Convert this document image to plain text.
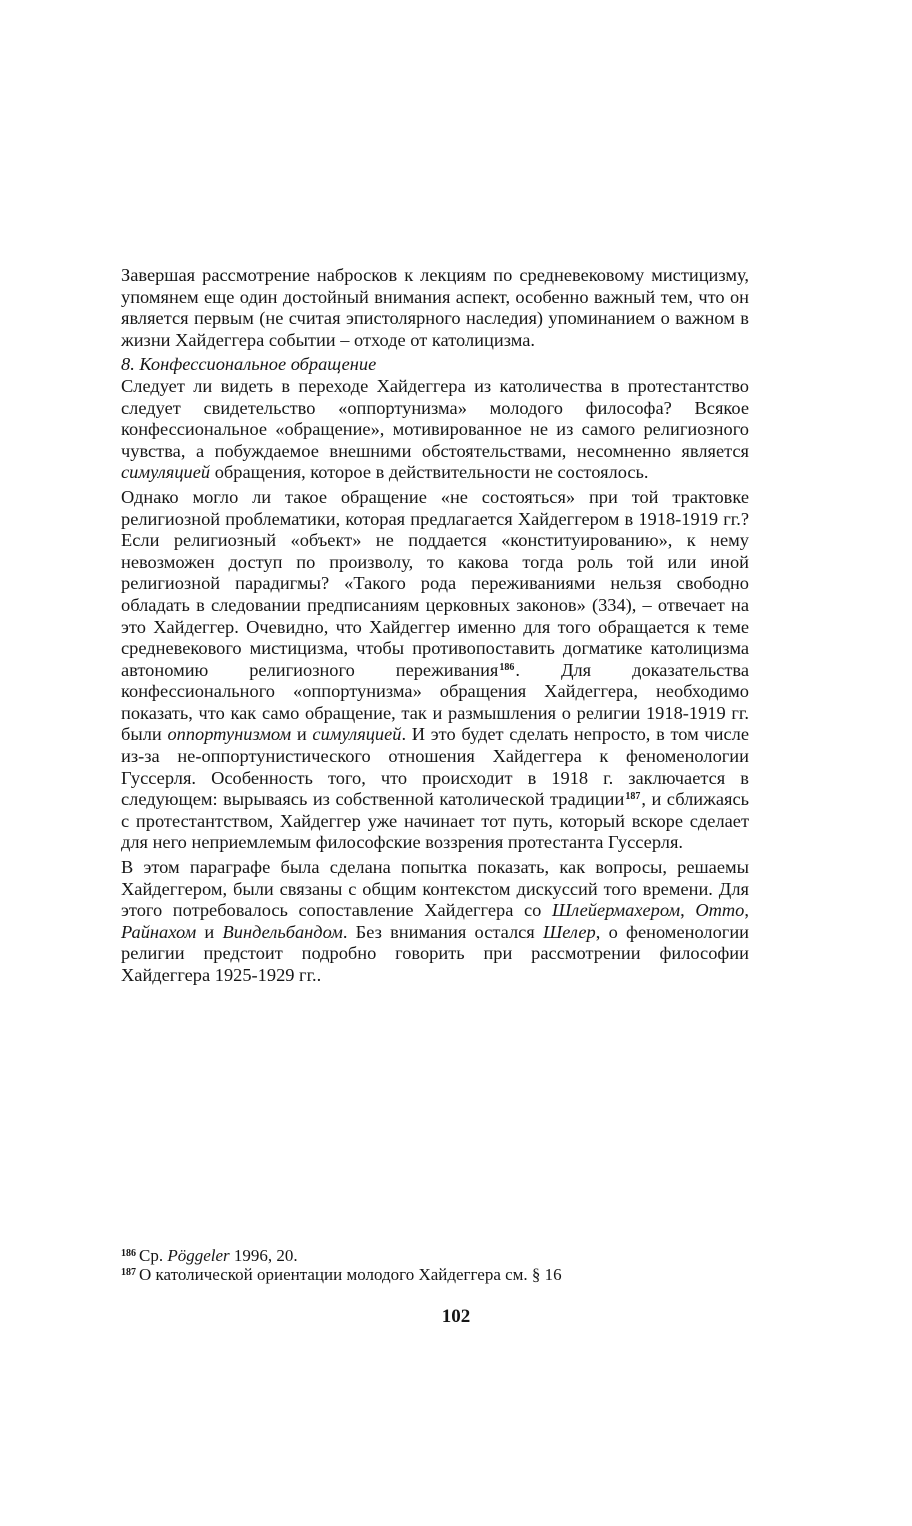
Завершая рассмотрение набросков к лекциям по средневековому мистицизму, упомянем еще один достойный внимания аспект, особенно важный тем, что он является первым (не считая эпистолярного наследия) упоминанием о важном в жизни Хайдеггера событии – отходе от католицизма.

8. Конфессиональное обращение

Следует ли видеть в переходе Хайдеггера из католичества в протестантство следует свидетельство «оппортунизма» молодого философа? Всякое конфессиональное «обращение», мотивированное не из самого религиозного чувства, а побуждаемое внешними обстоятельствами, несомненно является симуляцией обращения, которое в действительности не состоялось.

Однако могло ли такое обращение «не состояться» при той трактовке религиозной проблематики, которая предлагается Хайдеггером в 1918-1919 гг.? Если религиозный «объект» не поддается «конституированию», к нему невозможен доступ по произволу, то какова тогда роль той или иной религиозной парадигмы? «Такого рода переживаниями нельзя свободно обладать в следовании предписаниям церковных законов» (334), – отвечает на это Хайдеггер. Очевидно, что Хайдеггер именно для того обращается к теме средневекового мистицизма, чтобы противопоставить догматике католицизма автономию религиозного переживания$^{186}$. Для доказательства конфессионального «оппортунизма» обращения Хайдеггера, необходимо показать, что как само обращение, так и размышления о религии 1918-1919 гг. были оппортунизмом и симуляцией. И это будет сделать непросто, в том числе из-за не-оппортунистического отношения Хайдеггера к феноменологии Гуссерля. Особенность того, что происходит в 1918 г. заключается в следующем: вырываясь из собственной католической традиции$^{187}$, и сближаясь с протестантством, Хайдеггер уже начинает тот путь, который вскоре сделает для него неприемлемым философские воззрения протестанта Гуссерля.

В этом параграфе была сделана попытка показать, как вопросы, решаемы Хайдеггером, были связаны с общим контекстом дискуссий того времени. Для этого потребовалось сопоставление Хайдеггера со Шлейермахером, Отто, Райнахом и Виндельбандом. Без внимания остался Шелер, о феноменологии религии предстоит подробно говорить при рассмотрении философии Хайдеггера 1925-1929 гг..

$^{186}$ Ср. Pöggeler 1996, 20.

$^{187}$ О католической ориентации молодого Хайдеггера см. § 16

102
